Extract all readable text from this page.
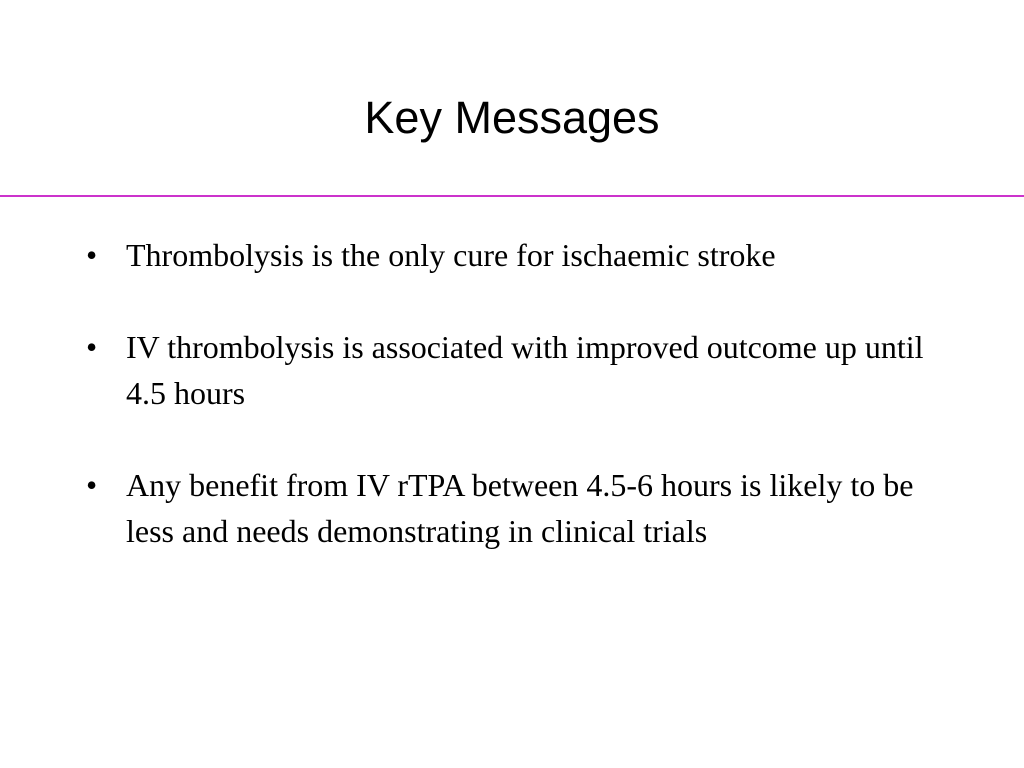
Key Messages
• Thrombolysis is the only cure for ischaemic stroke
• IV thrombolysis is associated with improved outcome up until 4.5 hours
• Any benefit from IV rTPA between 4.5-6 hours is likely to be less and needs demonstrating in clinical trials
